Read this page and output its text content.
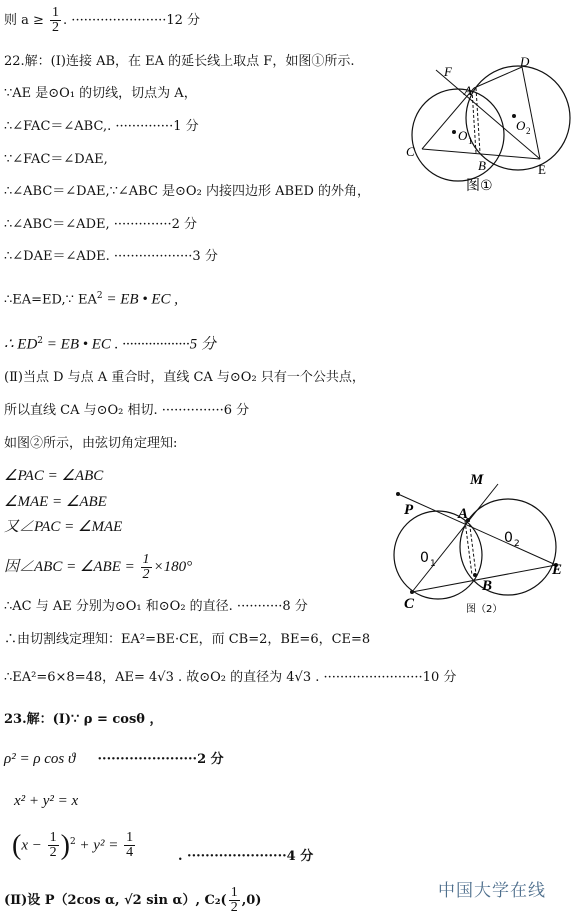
则 $a \ge \frac{1}{2}$ . ·······················12 分
22.解：(Ⅰ)连接 AB，在 EA 的延长线上取点 F，如图①所示.
∵AE 是⊙O₁ 的切线，切点为 A，
∴∠FAC＝∠ABC,. ··············1 分
∵∠FAC＝∠DAE,
∴∠ABC＝∠DAE,∵∠ABC 是⊙O₂ 内接四边形 ABED 的外角，
∴∠ABC＝∠ADE, ··············2 分
∴∠DAE＝∠ADE. ···················3 分
∴EA=ED,∵ $EA^2$ = EB • EC ,
∴ $ED^2$ = EB • EC . ··················5 分
(Ⅱ)当点 D 与点 A 重合时，直线 CA 与⊙O₂ 只有一个公共点，
所以直线 CA 与⊙O₂ 相切. ···············6 分
如图②所示，由弦切角定理知:
∠PAC = ∠ABC
∠MAE = ∠ABE
又∠PAC = ∠MAE
因∠ABC = ∠ABE = $\frac{1}{2} \times 180^\circ$
∴AC 与 AE 分别为⊙O₁ 和⊙O₂ 的直径. ···········8 分
∴由切割线定理知：EA²=BE·CE，而 CB=2，BE=6，CE=8
∴EA²=6×8=48，AE= 4√3 . 故⊙O₂ 的直径为 4√3 . ························10 分
23.解：(Ⅰ)∵ ρ = cosθ ，
ρ² = ρ cos ϑ ······················2 分
x² + y² = x
$(x - \frac{1}{2} )^2 + y^2 = \frac{1}{4}$	. ······················4 分
(Ⅱ)设 P（2cos α, √2 sin α）, $C_2( \frac{1}{2} ,0)$
F
A
D
O 1
O 2
C
B	E
图①
M
P	A
0 1
0 2
E
B
C	图（2）
中国大学在线
